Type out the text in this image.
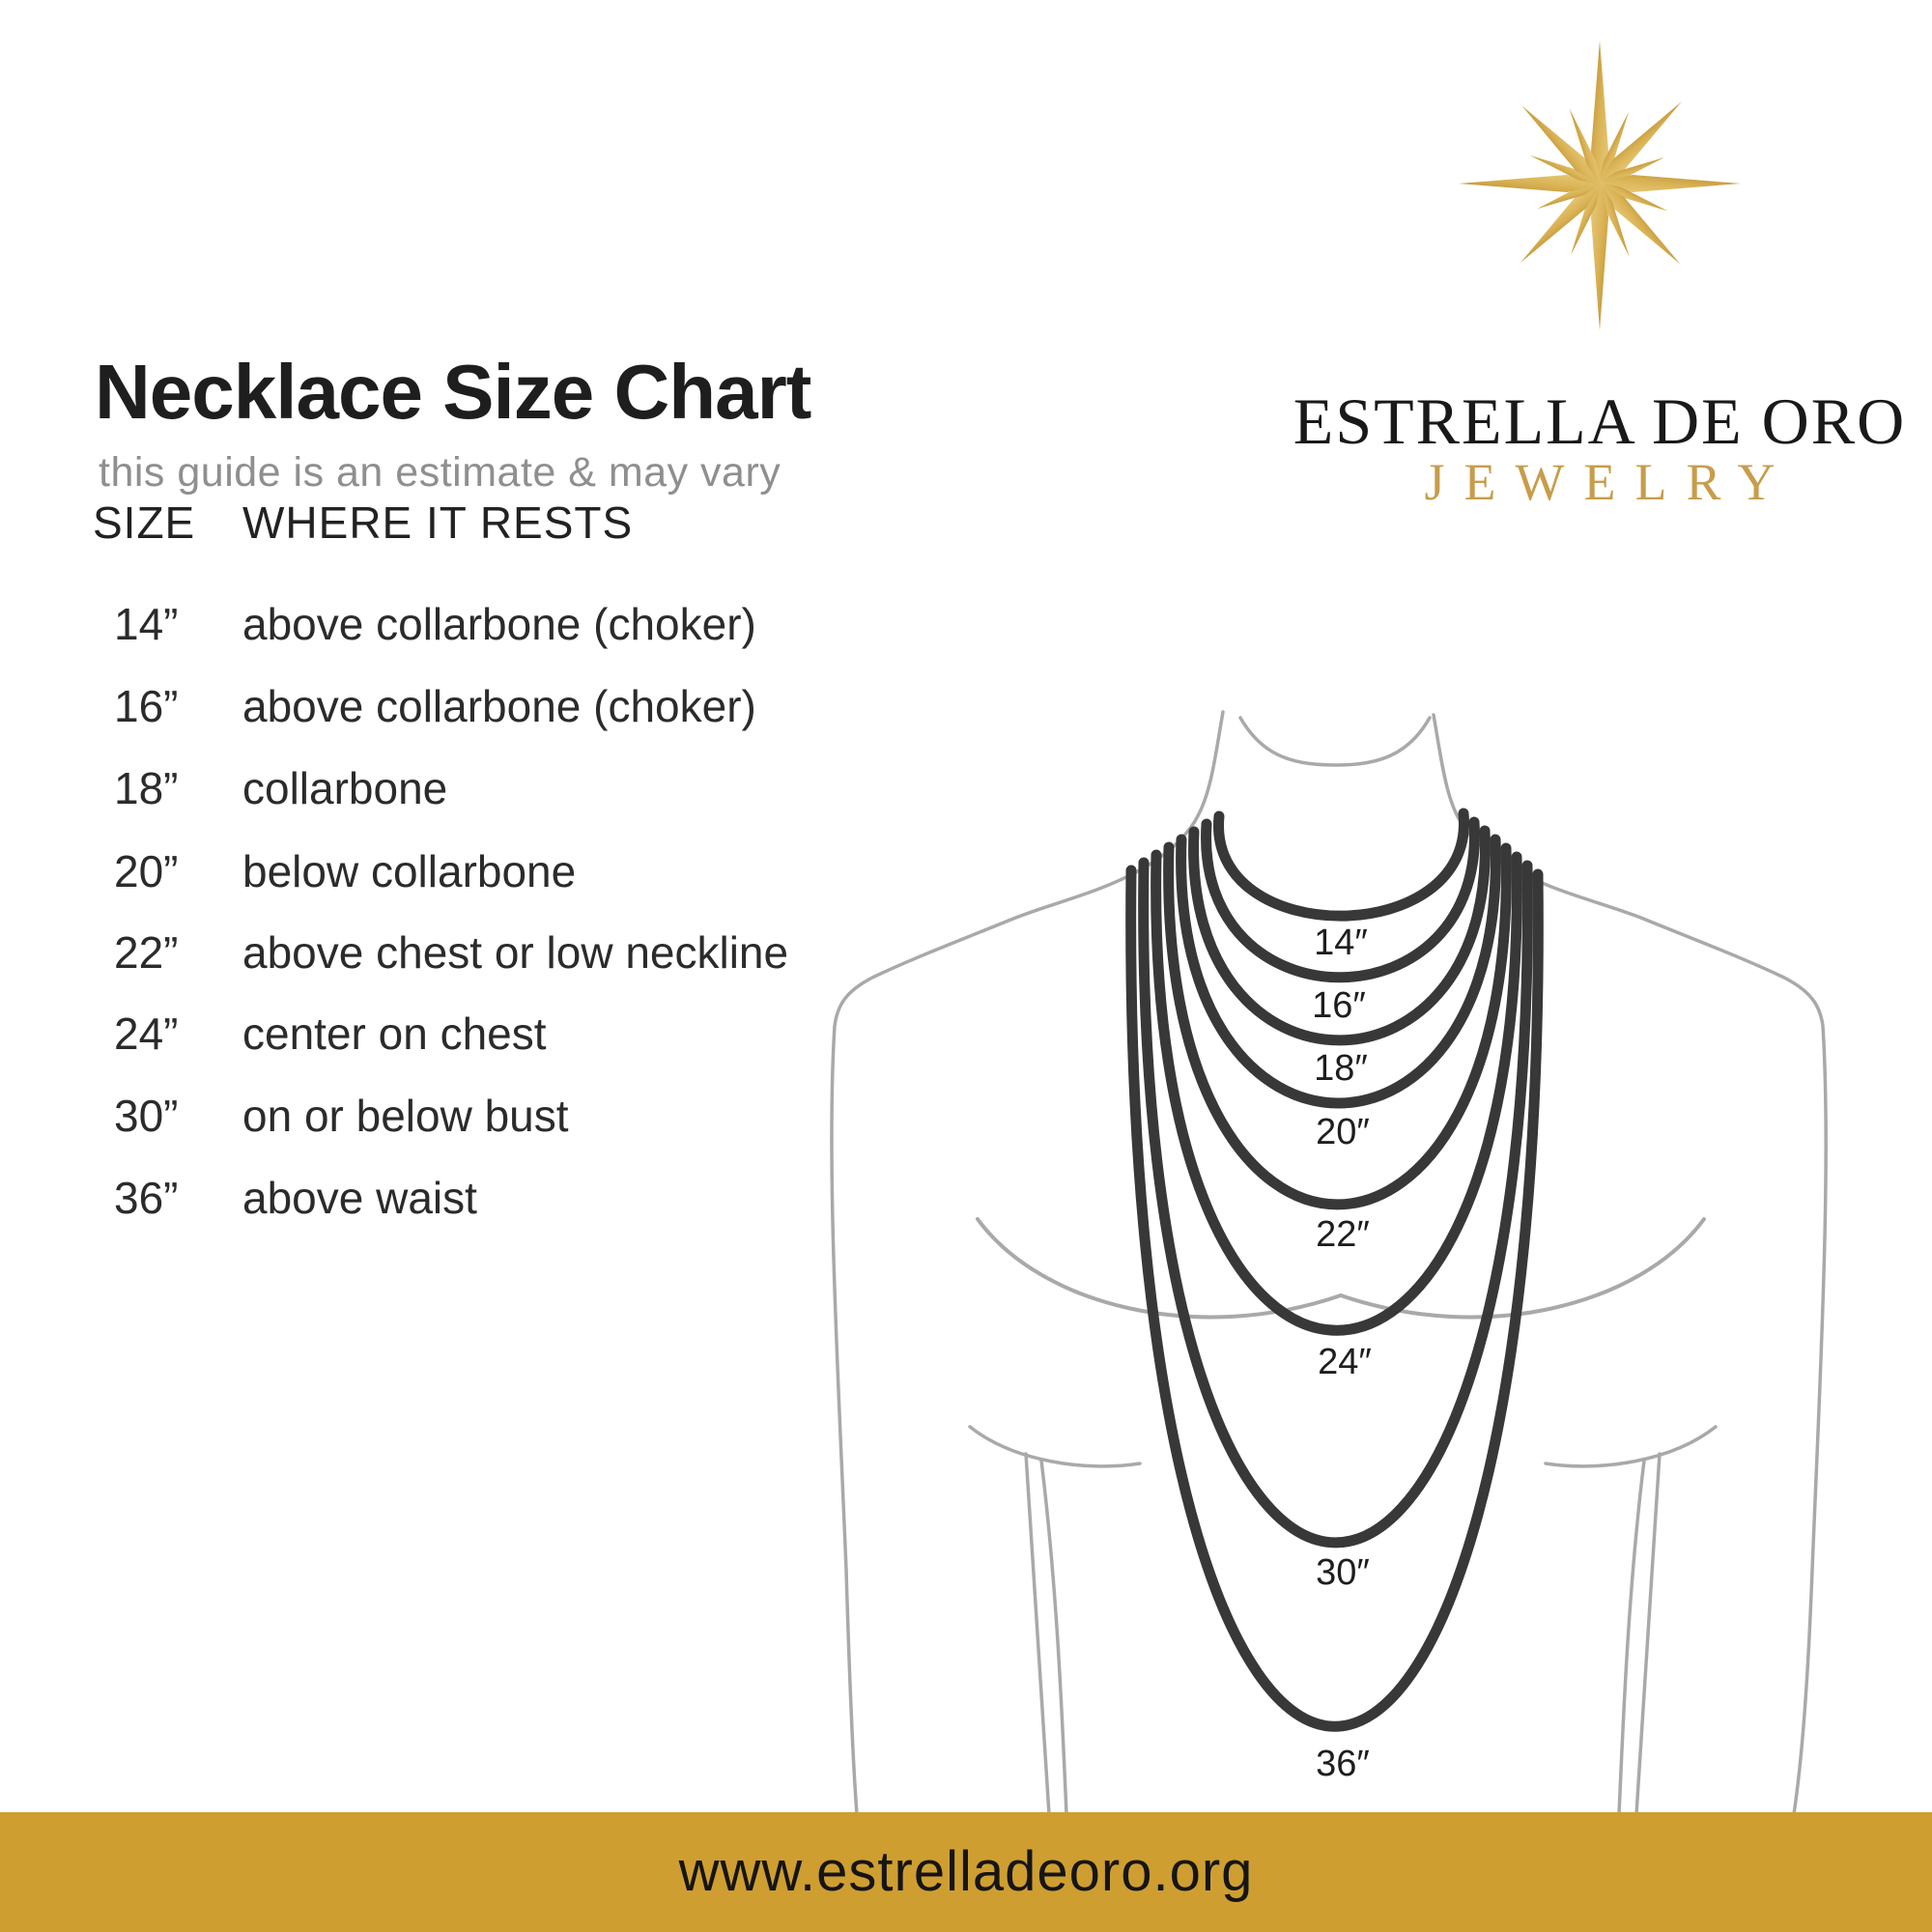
14″
16″
18″
20″
22″
24″
30″
36″
Necklace Size Chart
this guide is an estimate & may vary
SIZE WHERE IT RESTS
14” above collarbone (choker)
16” above collarbone (choker)
18” collarbone
20” below collarbone
22” above chest or low neckline
24” center on chest
30” on or below bust
36” above waist
ESTRELLA DE ORO
JEWELRY
www.estrelladeoro.org
